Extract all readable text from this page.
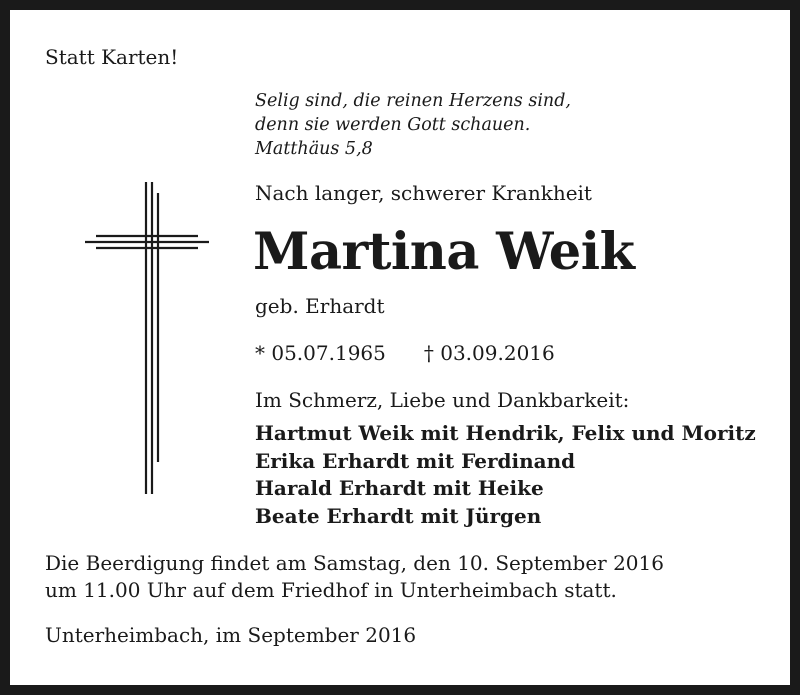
Statt Karten!
Selig sind, die reinen Herzens sind,
denn sie werden Gott schauen.
Matthäus 5,8
Nach langer, schwerer Krankheit
Martina Weik
geb. Erhardt
* 05.07.1965 † 03.09.2016
Im Schmerz, Liebe und Dankbarkeit:
Hartmut Weik mit Hendrik, Felix und Moritz
Erika Erhardt mit Ferdinand
Harald Erhardt mit Heike
Beate Erhardt mit Jürgen
Die Beerdigung findet am Samstag, den 10. September 2016
um 11.00 Uhr auf dem Friedhof in Unterheimbach statt.
Unterheimbach, im September 2016
